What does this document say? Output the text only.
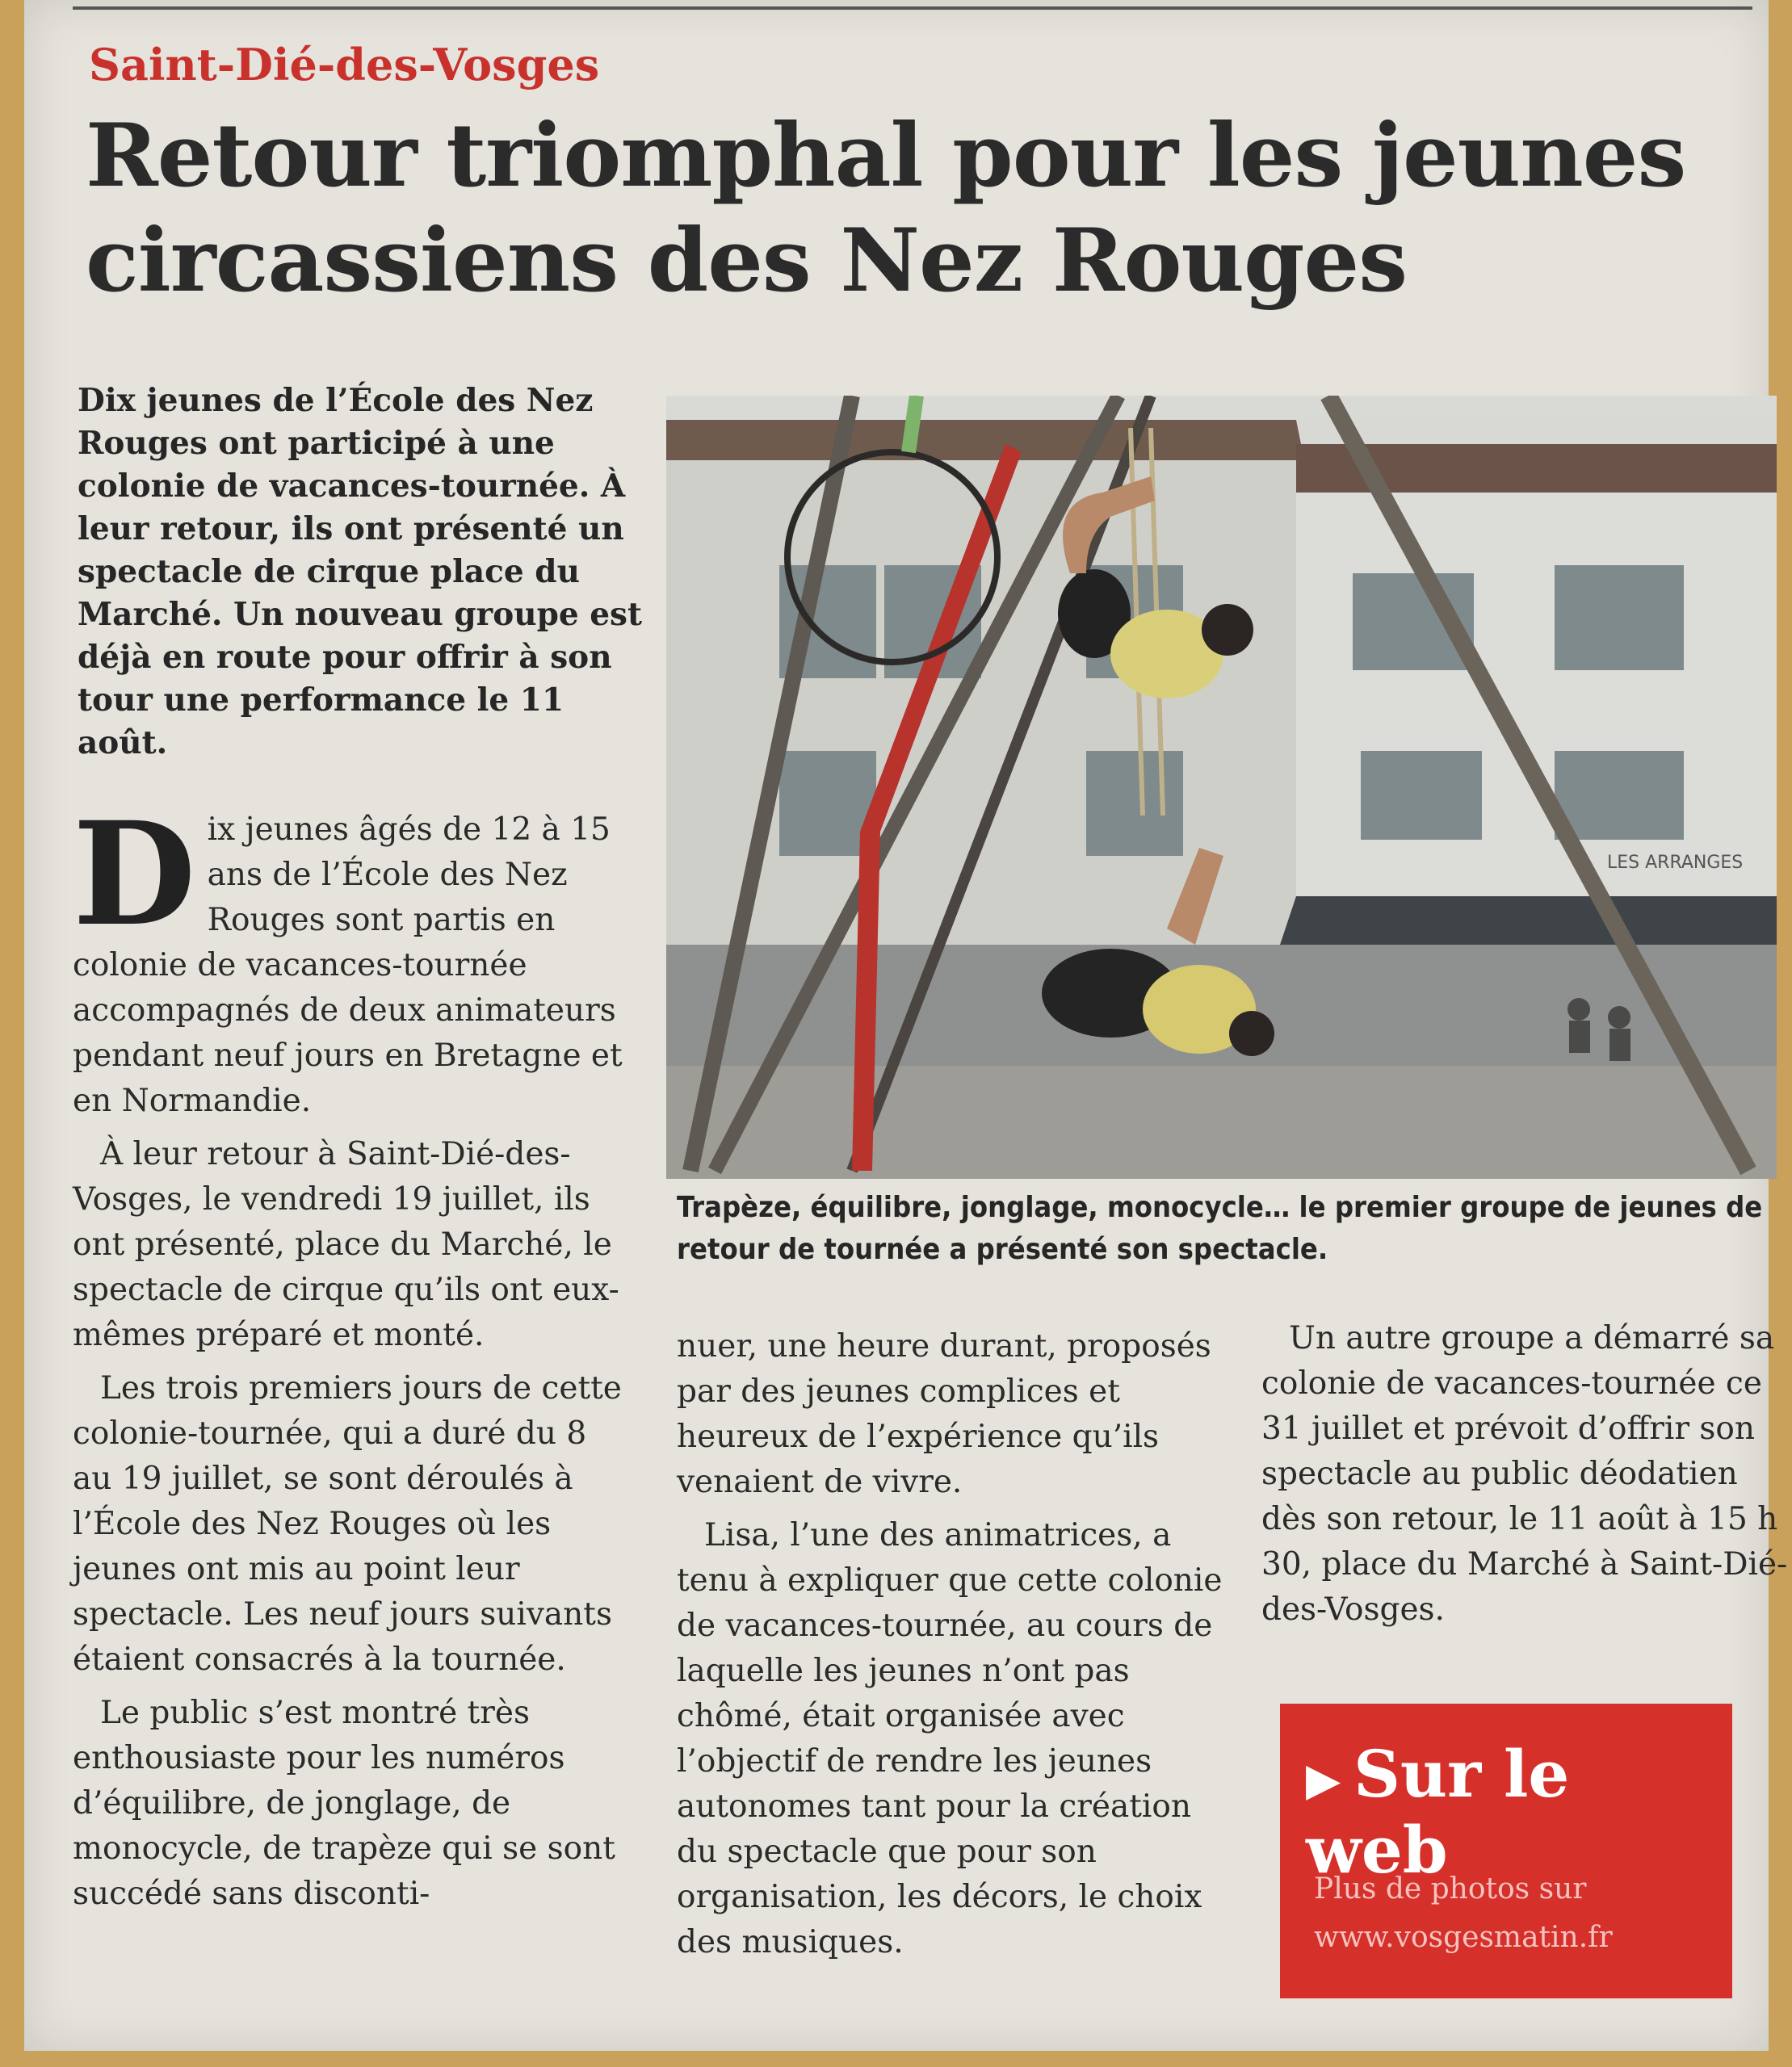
Saint-Dié-des-Vosges
Retour triomphal pour les jeunes circassiens des Nez Rouges
Dix jeunes de l’École des Nez Rouges ont participé à une colonie de vacances-tournée. À leur retour, ils ont présenté un spectacle de cirque place du Marché. Un nouveau groupe est déjà en route pour offrir à son tour une performance le 11 août.
LES ARRANGES
Trapèze, équilibre, jonglage, monocycle… le premier groupe de jeunes de retour de tournée a présenté son spectacle.

Dix jeunes âgés de 12 à 15 ans de l’École des Nez Rouges sont partis en colonie de vacances-tournée accompagnés de deux animateurs pendant neuf jours en Bretagne et en Normandie.

À leur retour à Saint-Dié-des-Vosges, le vendredi 19 juillet, ils ont présenté, place du Marché, le spectacle de cirque qu’ils ont eux-mêmes préparé et monté.

Les trois premiers jours de cette colonie-tournée, qui a duré du 8 au 19 juillet, se sont déroulés à l’École des Nez Rouges où les jeunes ont mis au point leur spectacle. Les neuf jours suivants étaient consacrés à la tournée.

Le public s’est montré très enthousiaste pour les numéros d’équilibre, de jonglage, de monocycle, de trapèze qui se sont succédé sans disconti-

nuer, une heure durant, proposés par des jeunes complices et heureux de l’expérience qu’ils venaient de vivre.

Lisa, l’une des animatrices, a tenu à expliquer que cette colonie de vacances-tournée, au cours de laquelle les jeunes n’ont pas chômé, était organisée avec l’objectif de rendre les jeunes autonomes tant pour la création du spectacle que pour son organisation, les décors, le choix des musiques.

Un autre groupe a démarré sa colonie de vacances-tournée ce 31 juillet et prévoit d’offrir son spectacle au public déodatien dès son retour, le 11 août à 15 h 30, place du Marché à Saint-Dié-des-Vosges.

▶ Sur le web
Plus de photos sur
www.vosgesmatin.fr
